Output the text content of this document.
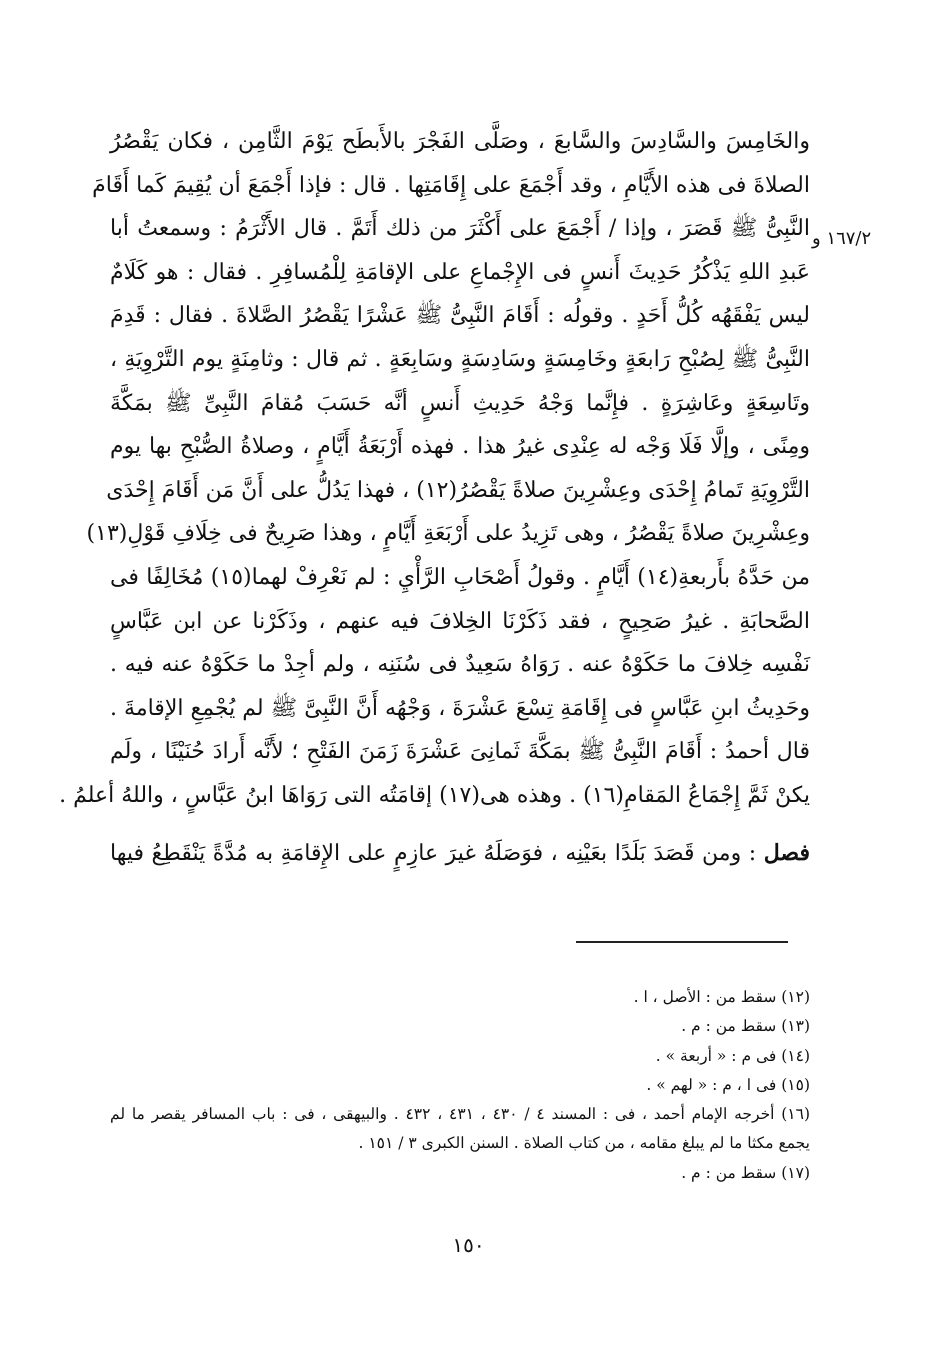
١٦٧/٢ و
والخَامِسَ والسَّادِسَ والسَّابعَ ، وصَلَّى الفَجْرَ بالأَبطَح يَوْمَ الثَّامِن ، فكان يَقْصُرُ
الصلاةَ فى هذه الأَيَّامِ ، وقد أَجْمَعَ على إِقَامَتِها . قال : فإذا أَجْمَعَ أن يُقِيمَ كَما أَقَامَ
النَّبِىُّ ﷺ قَصَرَ ، وإذا / أَجْمَعَ على أَكْثَرَ من ذلك أَتَمَّ . قال الأَثْرَمُ : وسمعتُ أبا
عَبدِ اللهِ يَذْكُرُ حَدِيثَ أَنسٍ فى الإِجْماعِ على الإقامَةِ لِلْمُسافِرِ . فقال : هو كَلَامٌ
ليس يَفْقَهُه كُلُّ أَحَدٍ . وقولُه : أَقَامَ النَّبِىُّ ﷺ عَشْرًا يَقْصُرُ الصَّلاةَ . فقال : قَدِمَ
النَّبِىُّ ﷺ لِصُبْحِ رَابعَةٍ وخَامِسَةٍ وسَادِسَةٍ وسَابِعَةٍ . ثم قال : وثامِنَةٍ يوم التَّرْوِيَةِ ،
وتَاسِعَةٍ وعَاشِرَةٍ . فإِنَّما وَجْهُ حَدِيثِ أَنسٍ أنَّه حَسَبَ مُقامَ النَّبِىِّ ﷺ بمَكَّةَ
ومِنًى ، وإلَّا فَلَا وَجْه له عِنْدِى غيرُ هذا . فهذه أَرْبَعَةُ أَيَّامٍ ، وصلاةُ الصُّبْحِ بها يوم
التَّرْوِيَةِ تَمامُ إِحْدَى وعِشْرِينَ صلاةً يَقْصُرُ(١٢) ، فهذا يَدُلُّ على أَنَّ مَن أَقَامَ إِحْدَى
وعِشْرِينَ صلاةً يَقْصُرُ ، وهى تَزِيدُ على أَرْبَعَةِ أَيَّامٍ ، وهذا صَرِيحٌ فى خِلَافِ قَوْلِ(١٣)
من حَدَّهُ بأَربعةِ(١٤) أَيَّامٍ . وقولُ أَصْحَابِ الرَّأْيِ : لم نَعْرِفْ لهما(١٥) مُخَالِفًا فى
الصَّحابَةِ . غيرُ صَحِيحٍ ، فقد ذَكَرْنَا الخِلافَ فيه عنهم ، وذَكَرْنا عن ابن عَبَّاسٍ
نَفْسِه خِلافَ ما حَكَوْهُ عنه . رَوَاهُ سَعِيدٌ فى سُنَنِه ، ولم أجِدْ ما حَكَوْهُ عنه فيه .
وحَدِيثُ ابنِ عَبَّاسٍ فى إِقَامَةِ تِسْعَ عَشْرَةَ ، وَجْهُه أَنَّ النَّبِىَّ ﷺ لم يُجْمِعِ الإقامةَ .
قال أحمدُ : أَقَامَ النَّبِىُّ ﷺ بمَكَّةَ ثَمانِىَ عَشْرَةَ زَمَنَ الفَتْحِ ؛ لأَنَّه أَرادَ حُنَيْنًا ، ولَم
يكنْ ثَمَّ إِجْمَاعُ المَقامِ(١٦) . وهذه هى(١٧) إقامَتُه التى رَوَاهَا ابنُ عَبَّاسٍ ، واللهُ أعلمُ .
فصل : ومن قَصَدَ بَلَدًا بعَيْنِه ، فوَصَلَهُ غيرَ عازِمٍ على الإِقامَةِ به مُدَّةً يَنْقَطِعُ فيها
(١٢) سقط من : الأصل ، ا .
(١٣) سقط من : م .
(١٤) فى م : « أربعة » .
(١٥) فى ا ، م : « لهم » .
(١٦) أخرجه الإمام أحمد ، فى : المسند ٤ / ٤٣٠ ، ٤٣١ ، ٤٣٢ . والبيهقى ، فى : باب المسافر يقصر ما لم
يجمع مكثا ما لم يبلغ مقامه ، من كتاب الصلاة . السنن الكبرى ٣ / ١٥١ .
(١٧) سقط من : م .
١٥٠
